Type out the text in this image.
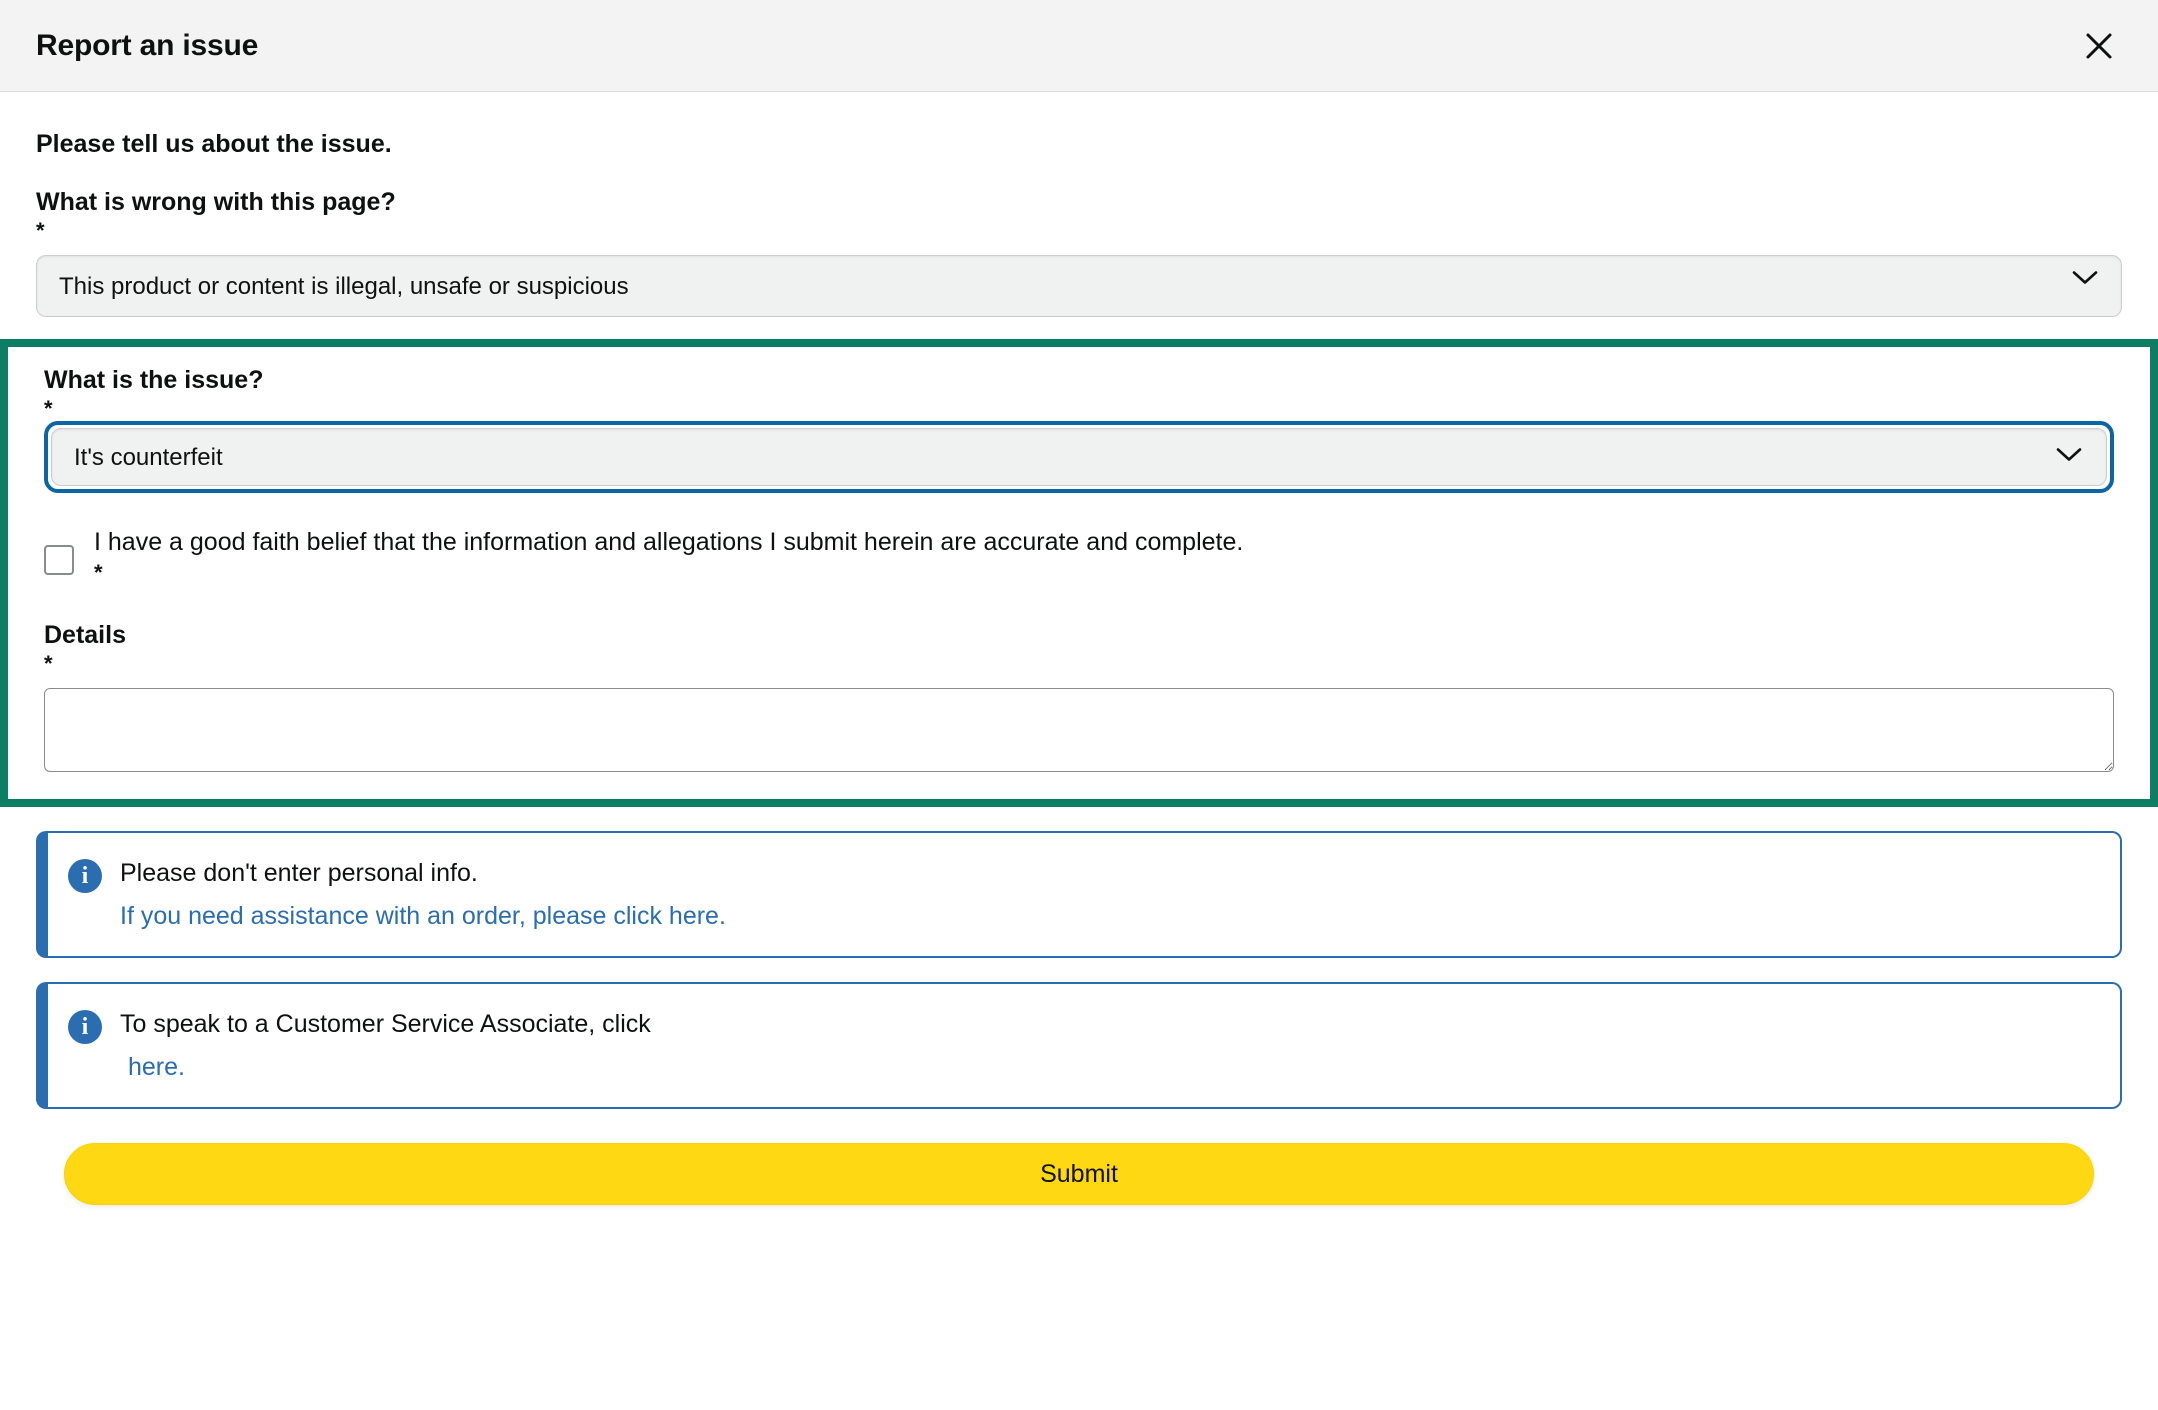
Report an issue
Please tell us about the issue.
What is wrong with this page?
*
This product or content is illegal, unsafe or suspicious
What is the issue?
*
It's counterfeit
I have a good faith belief that the information and allegations I submit herein are accurate and complete.
*
Details
*
i	Please don't enter personal info.
If you need assistance with an order, please click here.
i	To speak to a Customer Service Associate, click
here.
Submit
